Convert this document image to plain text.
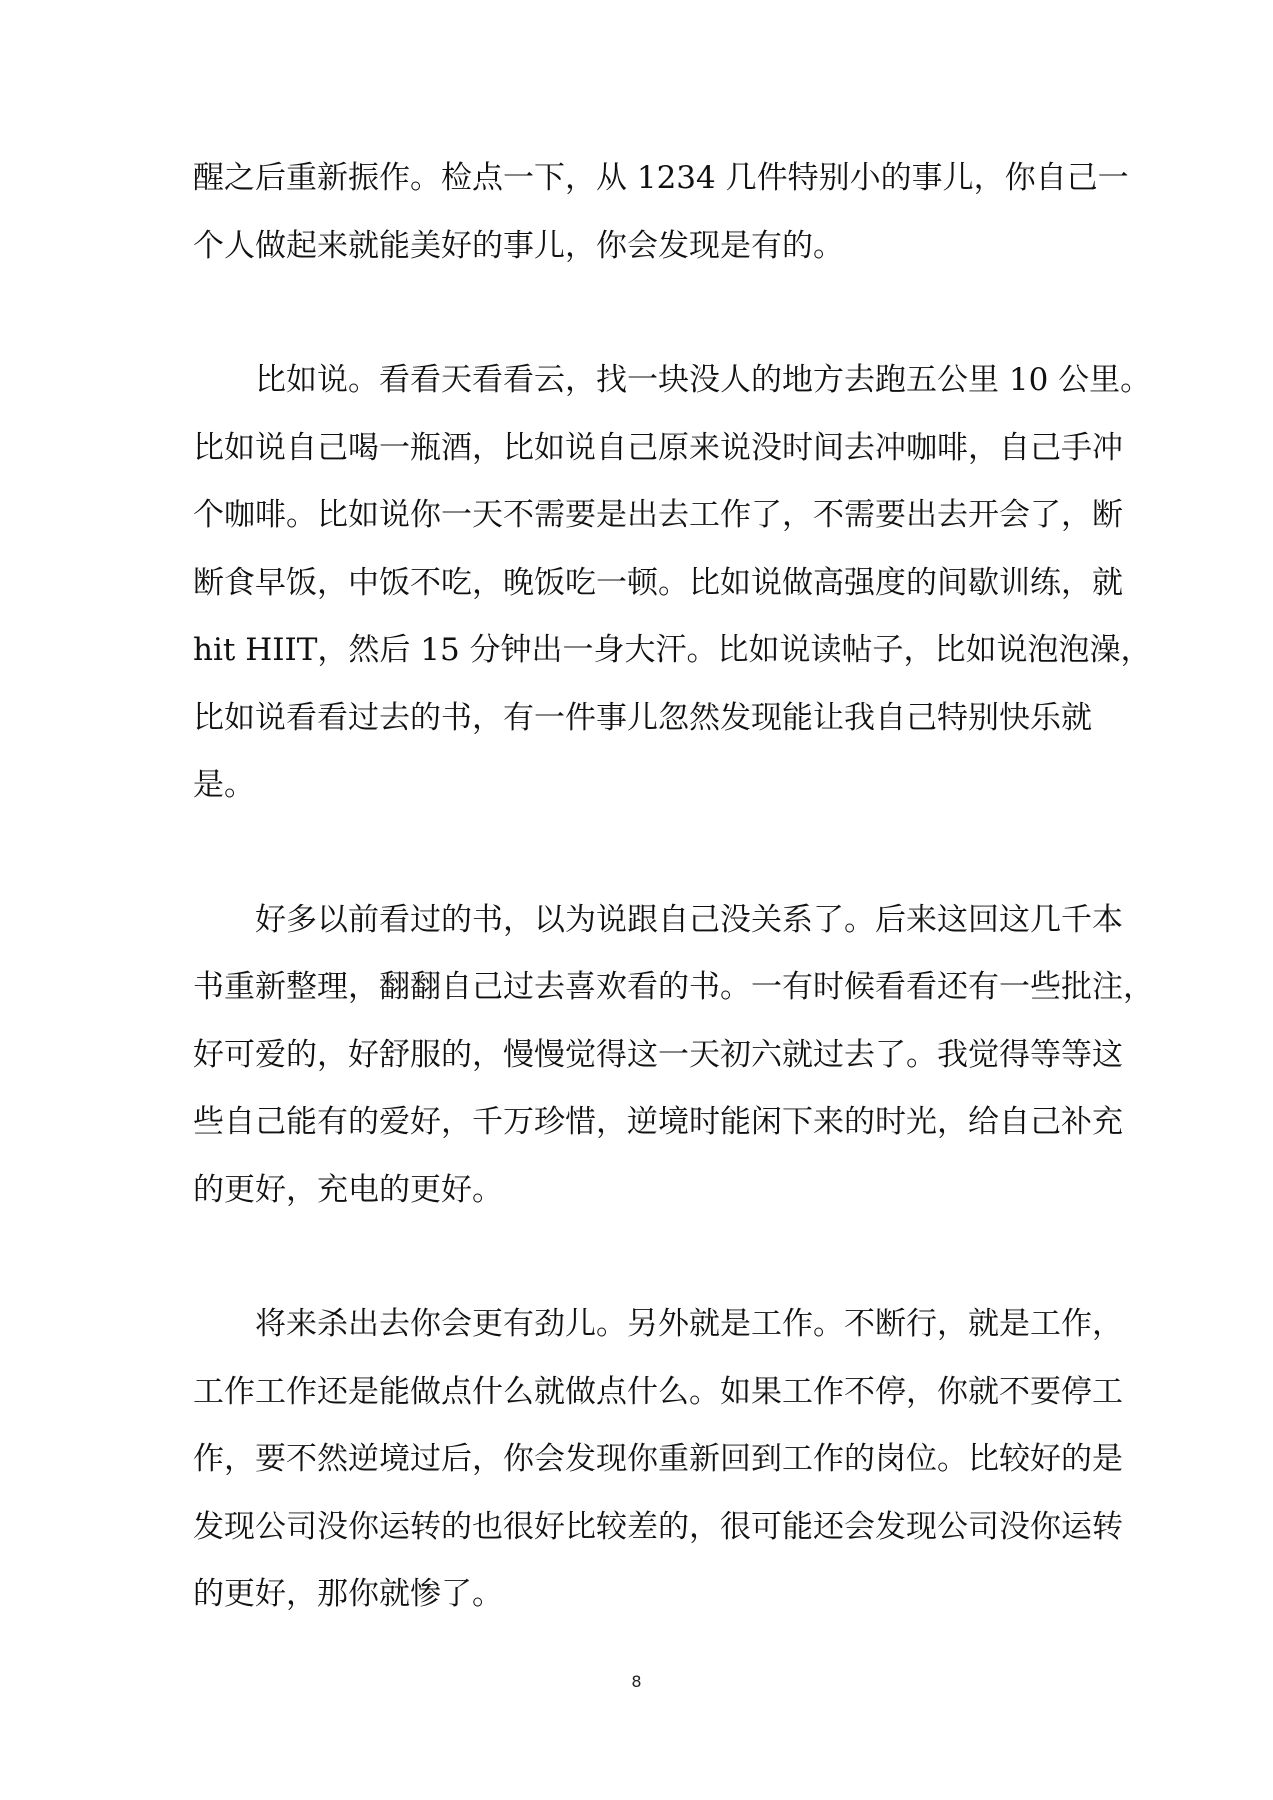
醒之后重新振作。检点一下，从 1234 几件特别小的事儿，你自己一
个人做起来就能美好的事儿，你会发现是有的。

　　比如说。看看天看看云，找一块没人的地方去跑五公里 10 公里。
比如说自己喝一瓶酒，比如说自己原来说没时间去冲咖啡，自己手冲
个咖啡。比如说你一天不需要是出去工作了，不需要出去开会了，断
断食早饭，中饭不吃，晚饭吃一顿。比如说做高强度的间歇训练，就
hit HIIT，然后 15 分钟出一身大汗。比如说读帖子，比如说泡泡澡，
比如说看看过去的书，有一件事儿忽然发现能让我自己特别快乐就
是。

　　好多以前看过的书，以为说跟自己没关系了。后来这回这几千本
书重新整理，翻翻自己过去喜欢看的书。一有时候看看还有一些批注，
好可爱的，好舒服的，慢慢觉得这一天初六就过去了。我觉得等等这
些自己能有的爱好，千万珍惜，逆境时能闲下来的时光，给自己补充
的更好，充电的更好。

　　将来杀出去你会更有劲儿。另外就是工作。不断行，就是工作，
工作工作还是能做点什么就做点什么。如果工作不停，你就不要停工
作，要不然逆境过后，你会发现你重新回到工作的岗位。比较好的是
发现公司没你运转的也很好比较差的，很可能还会发现公司没你运转
的更好，那你就惨了。

8
